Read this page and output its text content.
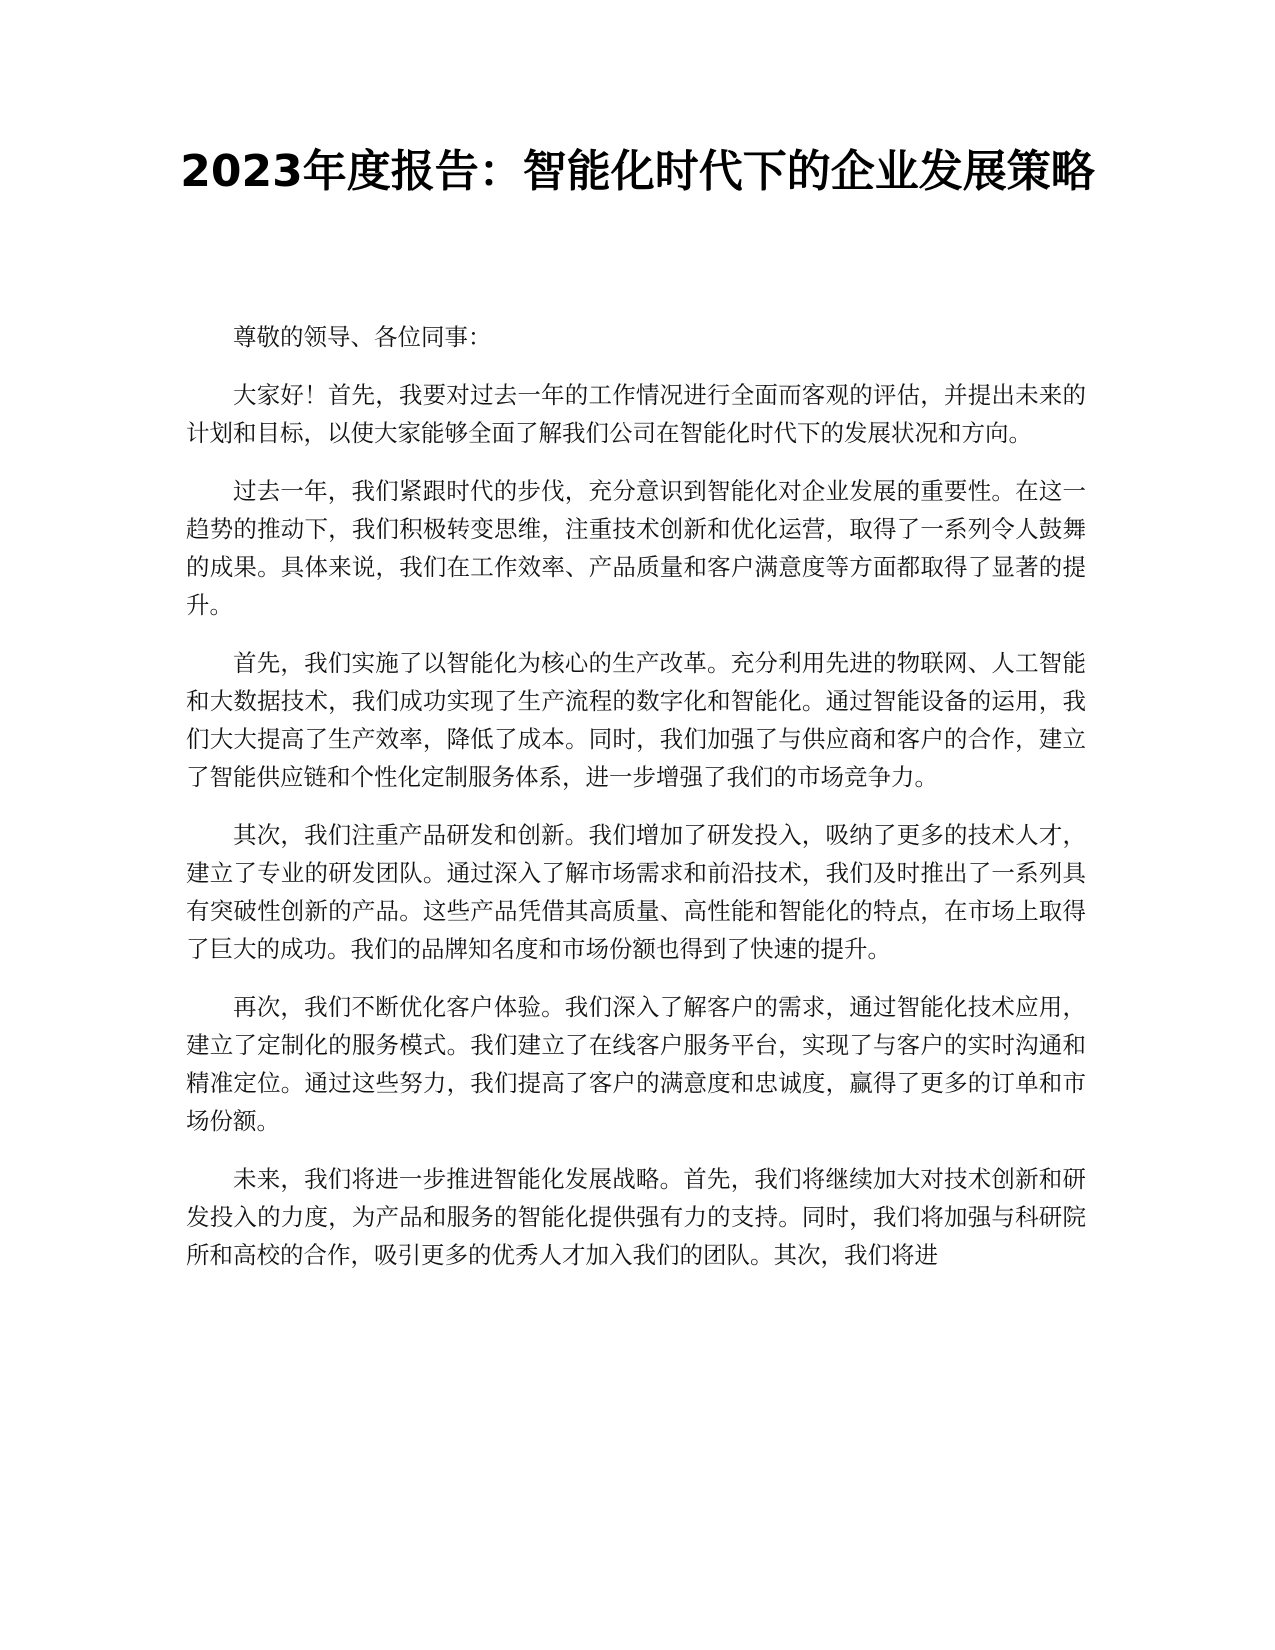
2023年度报告：智能化时代下的企业发展策略

尊敬的领导、各位同事：

大家好！首先，我要对过去一年的工作情况进行全面而客观的评估，并提出未来的计划和目标，以使大家能够全面了解我们公司在智能化时代下的发展状况和方向。

过去一年，我们紧跟时代的步伐，充分意识到智能化对企业发展的重要性。在这一趋势的推动下，我们积极转变思维，注重技术创新和优化运营，取得了一系列令人鼓舞的成果。具体来说，我们在工作效率、产品质量和客户满意度等方面都取得了显著的提升。

首先，我们实施了以智能化为核心的生产改革。充分利用先进的物联网、人工智能和大数据技术，我们成功实现了生产流程的数字化和智能化。通过智能设备的运用，我们大大提高了生产效率，降低了成本。同时，我们加强了与供应商和客户的合作，建立了智能供应链和个性化定制服务体系，进一步增强了我们的市场竞争力。

其次，我们注重产品研发和创新。我们增加了研发投入，吸纳了更多的技术人才，建立了专业的研发团队。通过深入了解市场需求和前沿技术，我们及时推出了一系列具有突破性创新的产品。这些产品凭借其高质量、高性能和智能化的特点，在市场上取得了巨大的成功。我们的品牌知名度和市场份额也得到了快速的提升。

再次，我们不断优化客户体验。我们深入了解客户的需求，通过智能化技术应用，建立了定制化的服务模式。我们建立了在线客户服务平台，实现了与客户的实时沟通和精准定位。通过这些努力，我们提高了客户的满意度和忠诚度，赢得了更多的订单和市场份额。

未来，我们将进一步推进智能化发展战略。首先，我们将继续加大对技术创新和研发投入的力度，为产品和服务的智能化提供强有力的支持。同时，我们将加强与科研院所和高校的合作，吸引更多的优秀人才加入我们的团队。其次，我们将进
